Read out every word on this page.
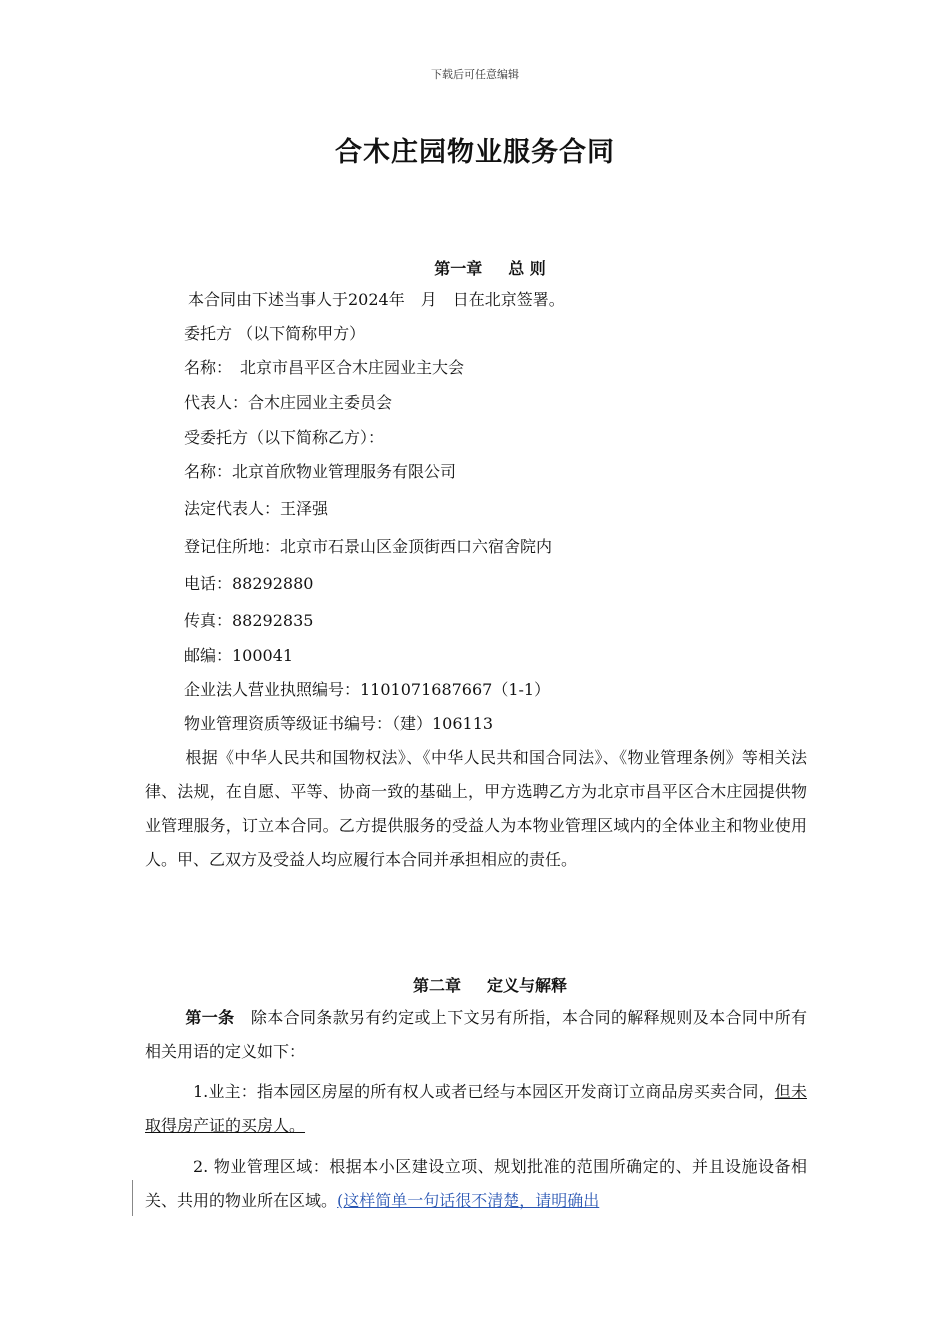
下载后可任意编辑
合木庄园物业服务合同
第一章 总 则
本合同由下述当事人于2024年　月　日在北京签署。
委托方 （以下简称甲方）
名称：　北京市昌平区合木庄园业主大会
代表人：合木庄园业主委员会
受委托方（以下简称乙方）：
名称：北京首欣物业管理服务有限公司
法定代表人：王泽强
登记住所地：北京市石景山区金顶街西口六宿舍院内
电话：88292880
传真：88292835
邮编：100041
企业法人营业执照编号：1101071687667（1-1）
物业管理资质等级证书编号：（建）106113
根据《中华人民共和国物权法》、《中华人民共和国合同法》、《物业管理条例》等相关法律、法规，在自愿、平等、协商一致的基础上，甲方选聘乙方为北京市昌平区合木庄园提供物业管理服务，订立本合同。乙方提供服务的受益人为本物业管理区域内的全体业主和物业使用人。甲、乙双方及受益人均应履行本合同并承担相应的责任。
第二章 定义与解释
第一条　 除本合同条款另有约定或上下文另有所指，本合同的解释规则及本合同中所有相关用语的定义如下：
1.业主：指本园区房屋的所有权人或者已经与本园区开发商订立商品房买卖合同，但未取得房产证的买房人。
2. 物业管理区域：根据本小区建设立项、规划批准的范围所确定的、并且设施设备相关、共用的物业所在区域。(这样简单一句话很不清楚，请明确出
